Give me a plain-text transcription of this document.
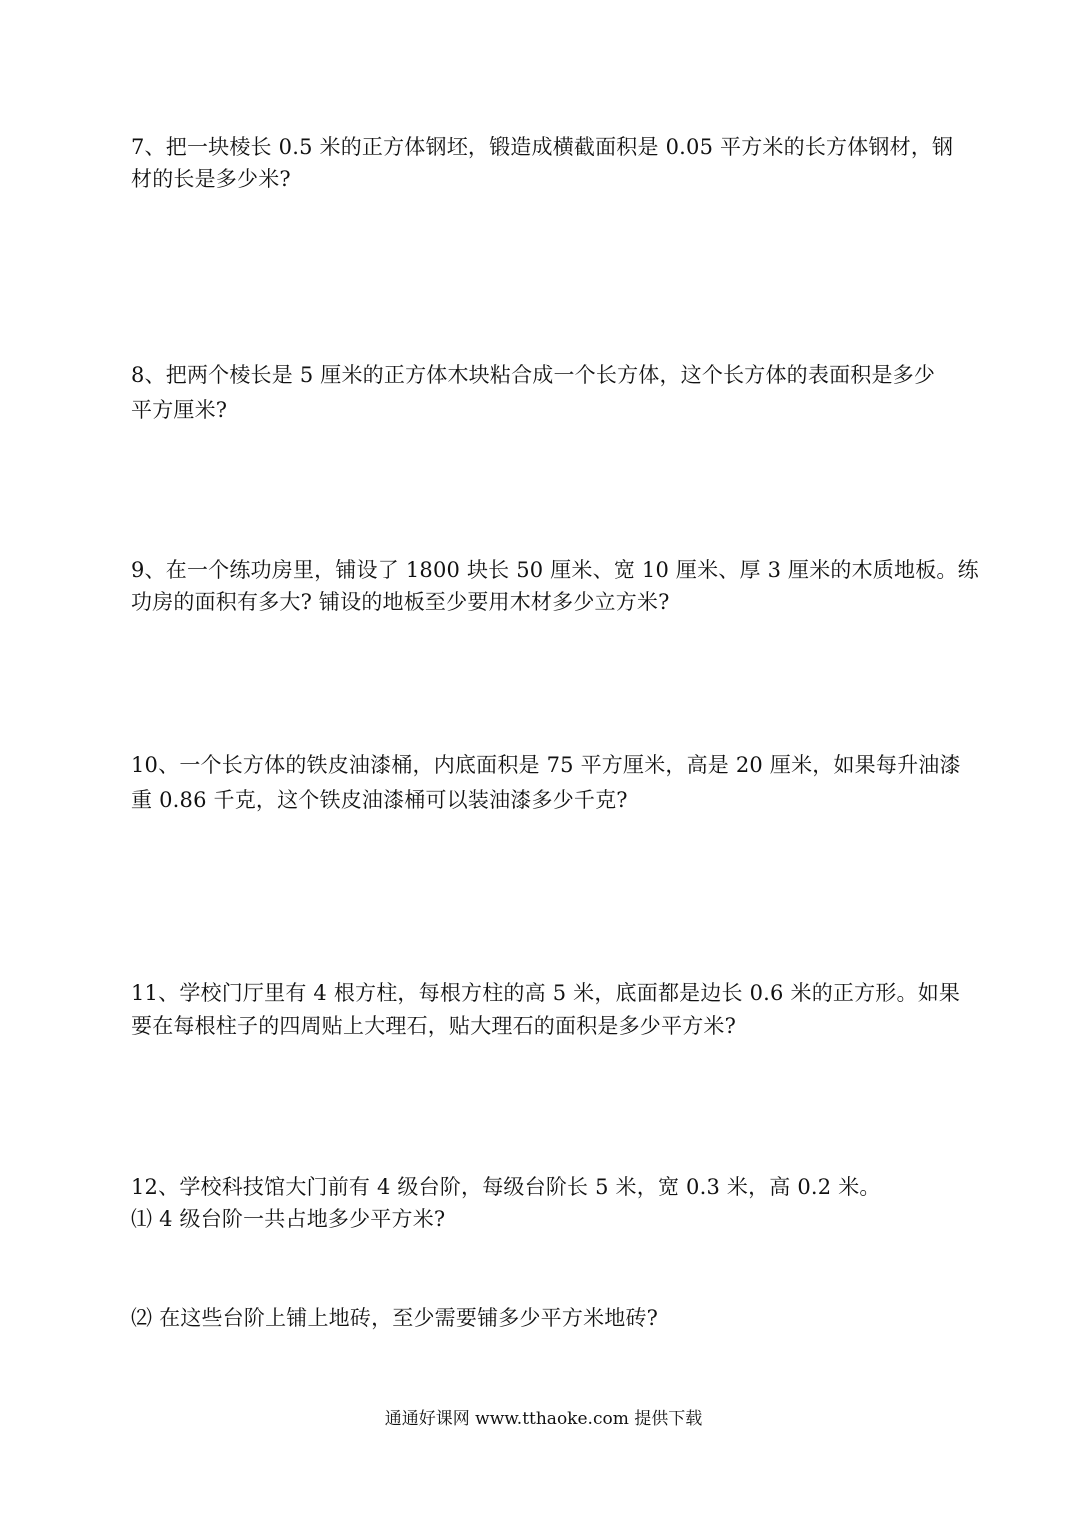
7、把一块棱长 0.5 米的正方体钢坯，锻造成横截面积是 0.05 平方米的长方体钢材，钢
材的长是多少米?
8、把两个棱长是 5 厘米的正方体木块粘合成一个长方体，这个长方体的表面积是多少
平方厘米?
9、在一个练功房里，铺设了 1800 块长 50 厘米、宽 10 厘米、厚 3 厘米的木质地板。练
功房的面积有多大? 铺设的地板至少要用木材多少立方米?
10、一个长方体的铁皮油漆桶，内底面积是 75 平方厘米，高是 20 厘米，如果每升油漆
重 0.86 千克，这个铁皮油漆桶可以装油漆多少千克?
11、学校门厅里有 4 根方柱，每根方柱的高 5 米，底面都是边长 0.6 米的正方形。如果
要在每根柱子的四周贴上大理石，贴大理石的面积是多少平方米?
12、学校科技馆大门前有 4 级台阶，每级台阶长 5 米，宽 0.3 米，高 0.2 米。
⑴ 4 级台阶一共占地多少平方米?
⑵ 在这些台阶上铺上地砖，至少需要铺多少平方米地砖?
通通好课网 www.tthaoke.com 提供下载
